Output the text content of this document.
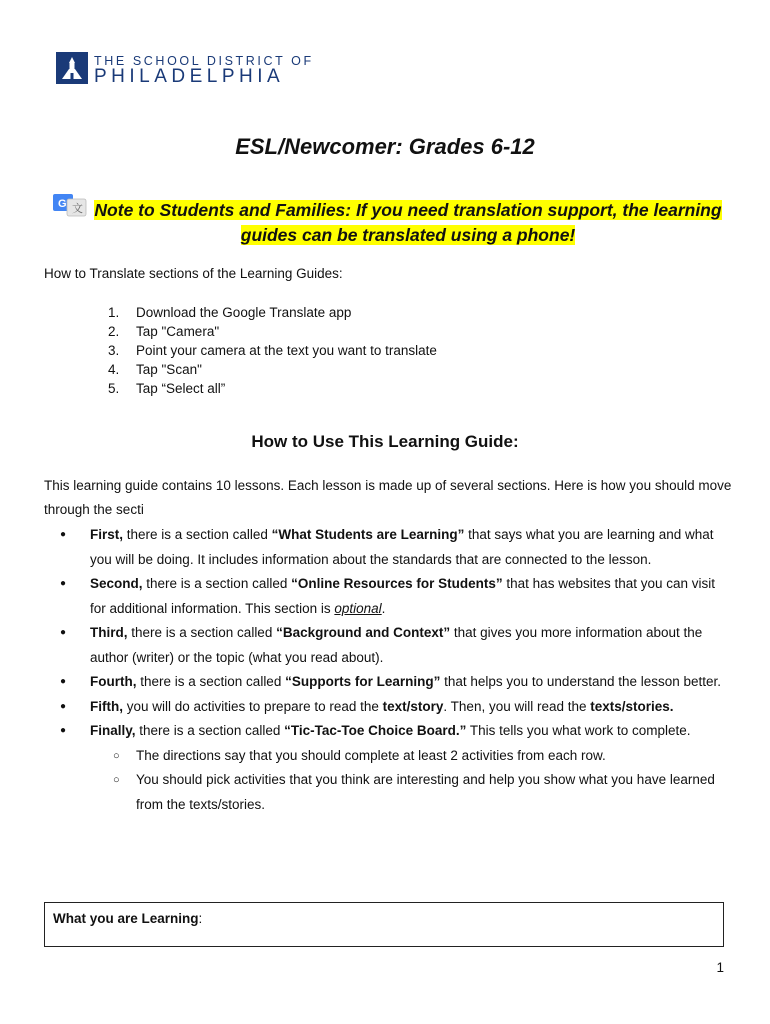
THE SCHOOL DISTRICT OF
PHILADELPHIA
ESL/Newcomer: Grades 6-12
G 文 Note to Students and Families: If you need translation support, the learning
guides can be translated using a phone!
How to Translate sections of the Learning Guides:
1.	Download the Google Translate app
2.	Tap "Camera"
3.	Point your camera at the text you want to translate
4.	Tap "Scan"
5.	Tap “Select all”
How to Use This Learning Guide:
This learning guide contains 10 lessons. Each lesson is made up of several sections. Here is how you should move through the secti
● First, there is a section called “What Students are Learning” that says what you are learning and what you will be doing. It includes information about the standards that are connected to the lesson.
● Second, there is a section called “Online Resources for Students” that has websites that you can visit for additional information. This section is optional.
● Third, there is a section called “Background and Context” that gives you more information about the author (writer) or the topic (what you read about).
● Fourth, there is a section called “Supports for Learning” that helps you to understand the lesson better.
● Fifth, you will do activities to prepare to read the text/story. Then, you will read the texts/stories.
● Finally, there is a section called “Tic-Tac-Toe Choice Board.” This tells you what work to complete.
○ The directions say that you should complete at least 2 activities from each row.
○ You should pick activities that you think are interesting and help you show what you have learned from the texts/stories.
What you are Learning:
1
